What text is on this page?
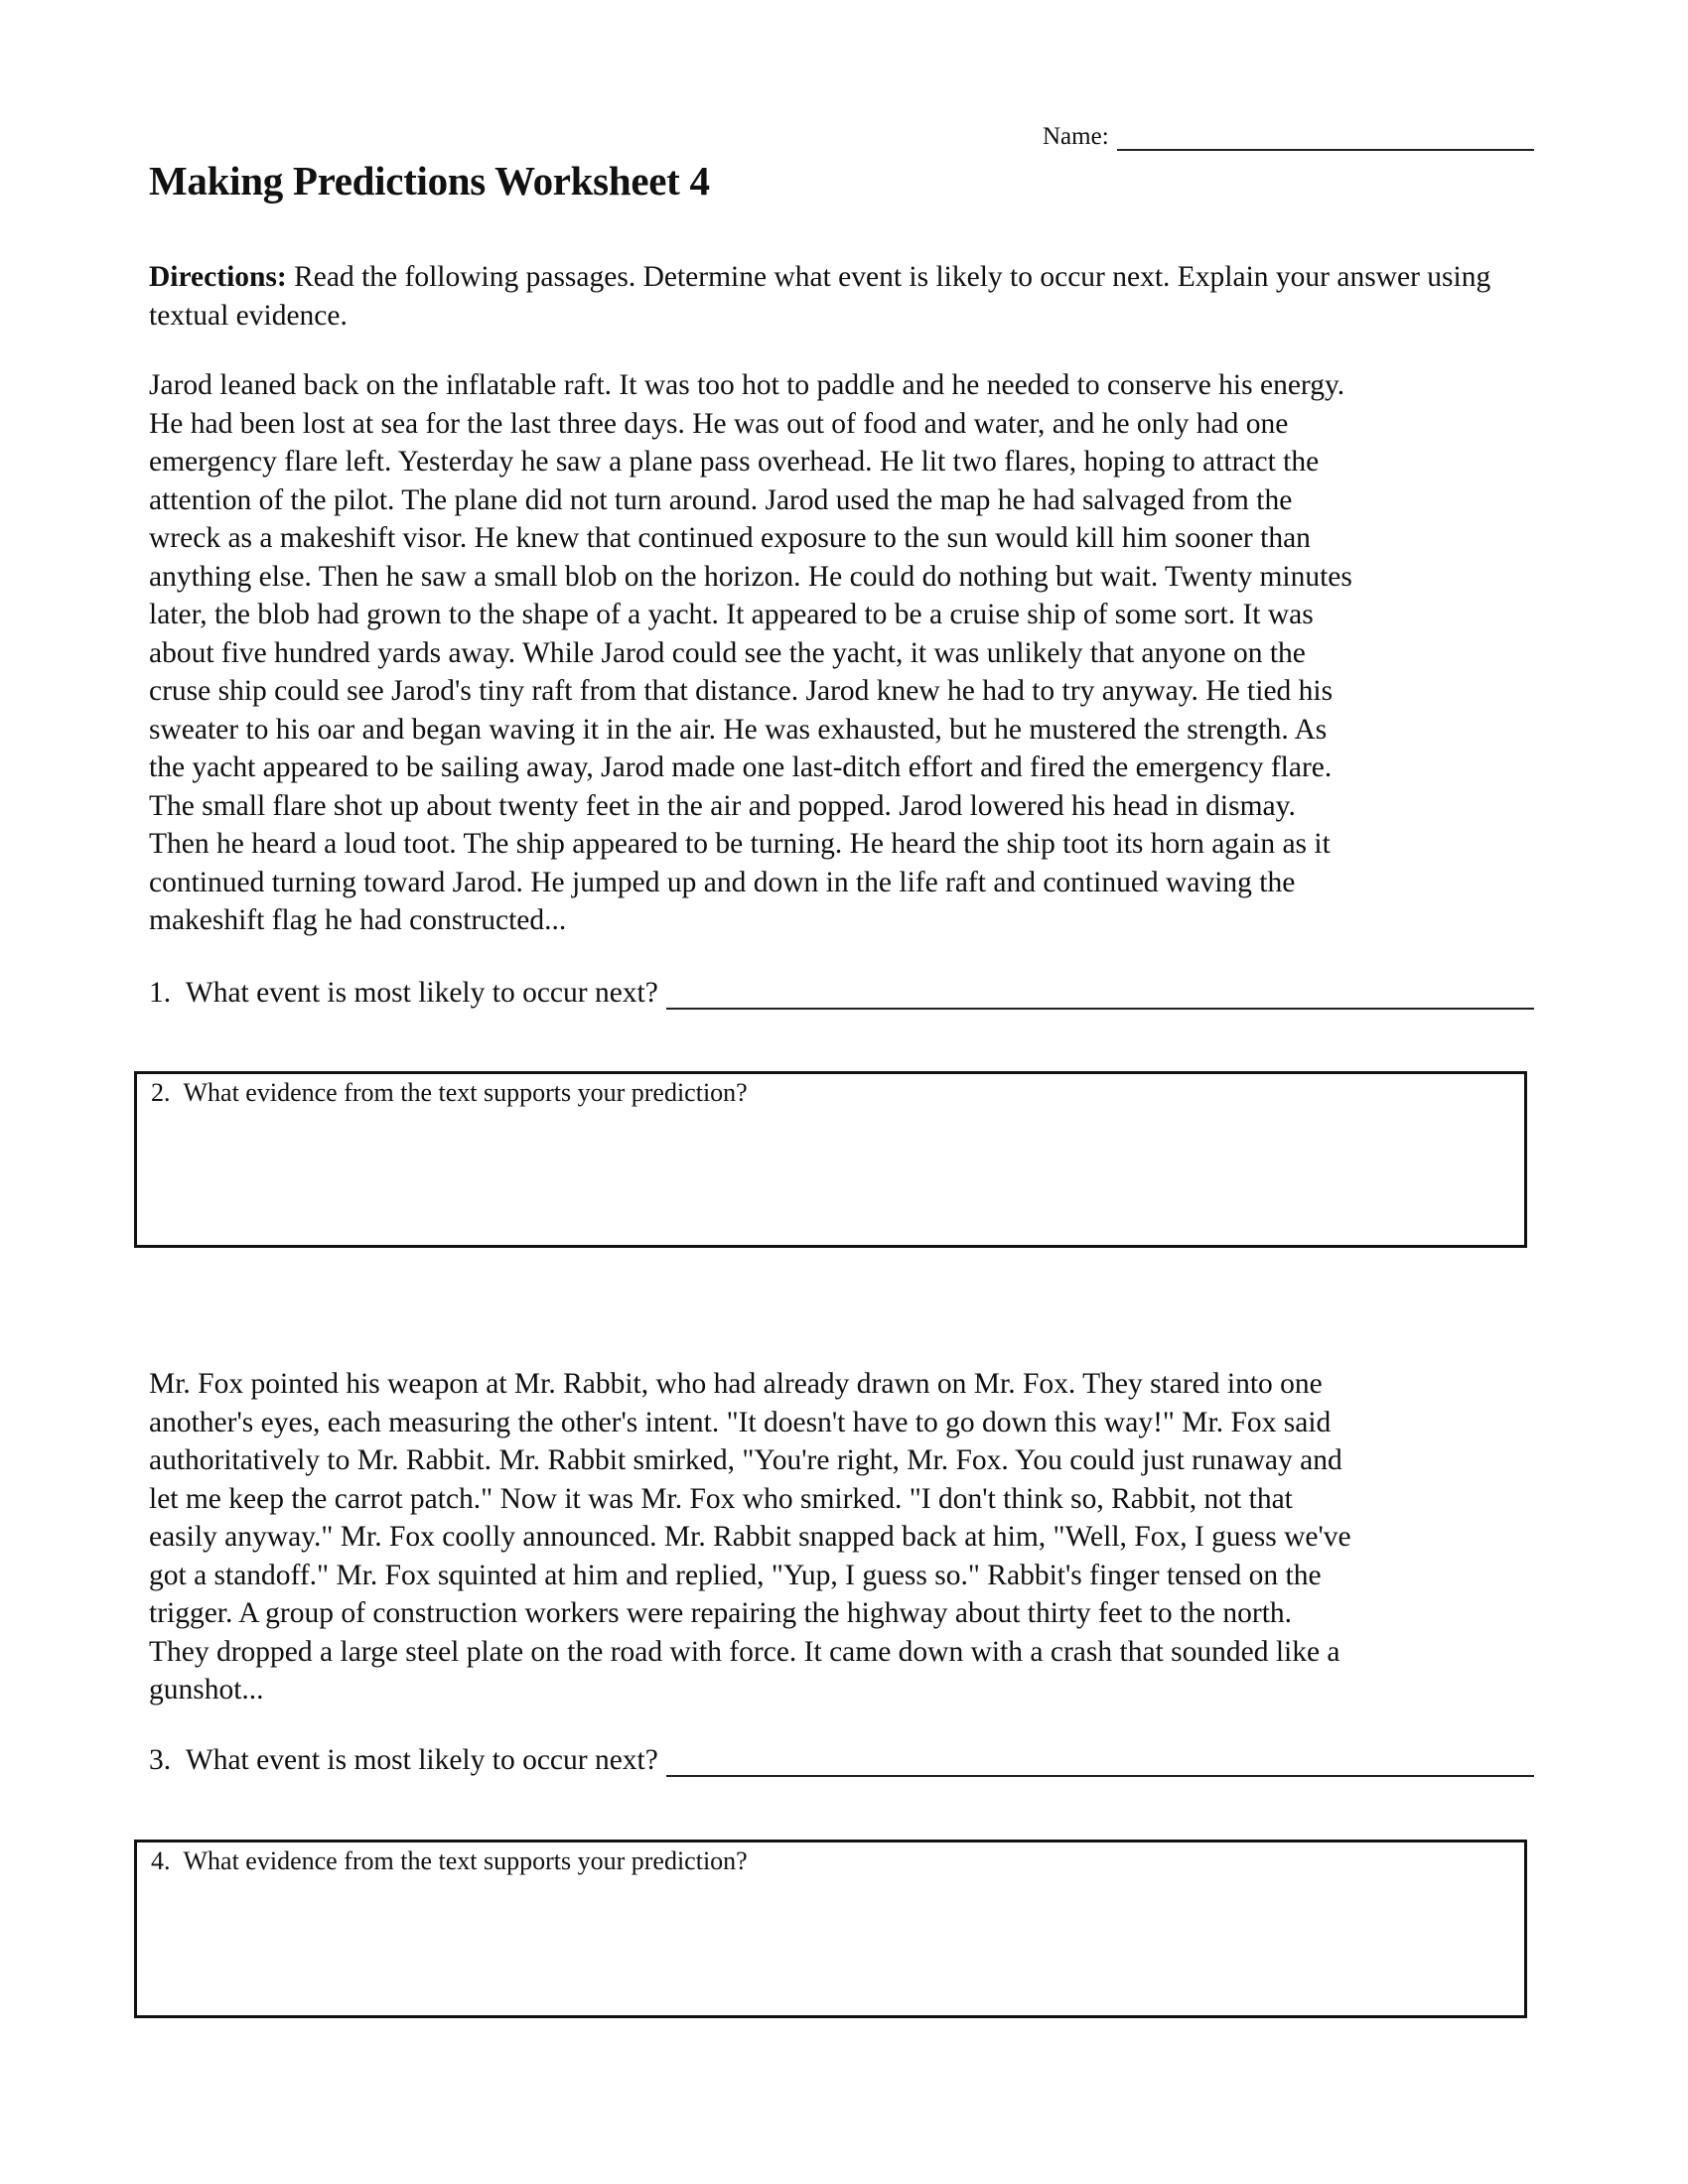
Name:
Making Predictions Worksheet 4

Directions: Read the following passages. Determine what event is likely to occur next. Explain your answer using textual evidence.

Jarod leaned back on the inflatable raft. It was too hot to paddle and he needed to conserve his energy.
He had been lost at sea for the last three days. He was out of food and water, and he only had one
emergency flare left. Yesterday he saw a plane pass overhead. He lit two flares, hoping to attract the
attention of the pilot. The plane did not turn around. Jarod used the map he had salvaged from the
wreck as a makeshift visor. He knew that continued exposure to the sun would kill him sooner than
anything else. Then he saw a small blob on the horizon. He could do nothing but wait. Twenty minutes
later, the blob had grown to the shape of a yacht. It appeared to be a cruise ship of some sort. It was
about five hundred yards away. While Jarod could see the yacht, it was unlikely that anyone on the
cruse ship could see Jarod's tiny raft from that distance. Jarod knew he had to try anyway. He tied his
sweater to his oar and began waving it in the air. He was exhausted, but he mustered the strength. As
the yacht appeared to be sailing away, Jarod made one last-ditch effort and fired the emergency flare.
The small flare shot up about twenty feet in the air and popped. Jarod lowered his head in dismay.
Then he heard a loud toot. The ship appeared to be turning. He heard the ship toot its horn again as it
continued turning toward Jarod. He jumped up and down in the life raft and continued waving the
makeshift flag he had constructed...
1.
What event is most likely to occur next?
2. What evidence from the text supports your prediction?
Mr. Fox pointed his weapon at Mr. Rabbit, who had already drawn on Mr. Fox. They stared into one
another's eyes, each measuring the other's intent. "It doesn't have to go down this way!" Mr. Fox said
authoritatively to Mr. Rabbit. Mr. Rabbit smirked, "You're right, Mr. Fox. You could just runaway and
let me keep the carrot patch." Now it was Mr. Fox who smirked. "I don't think so, Rabbit, not that
easily anyway." Mr. Fox coolly announced. Mr. Rabbit snapped back at him, "Well, Fox, I guess we've
got a standoff." Mr. Fox squinted at him and replied, "Yup, I guess so." Rabbit's finger tensed on the
trigger. A group of construction workers were repairing the highway about thirty feet to the north.
They dropped a large steel plate on the road with force. It came down with a crash that sounded like a
gunshot...
3.
What event is most likely to occur next?
4. What evidence from the text supports your prediction?
